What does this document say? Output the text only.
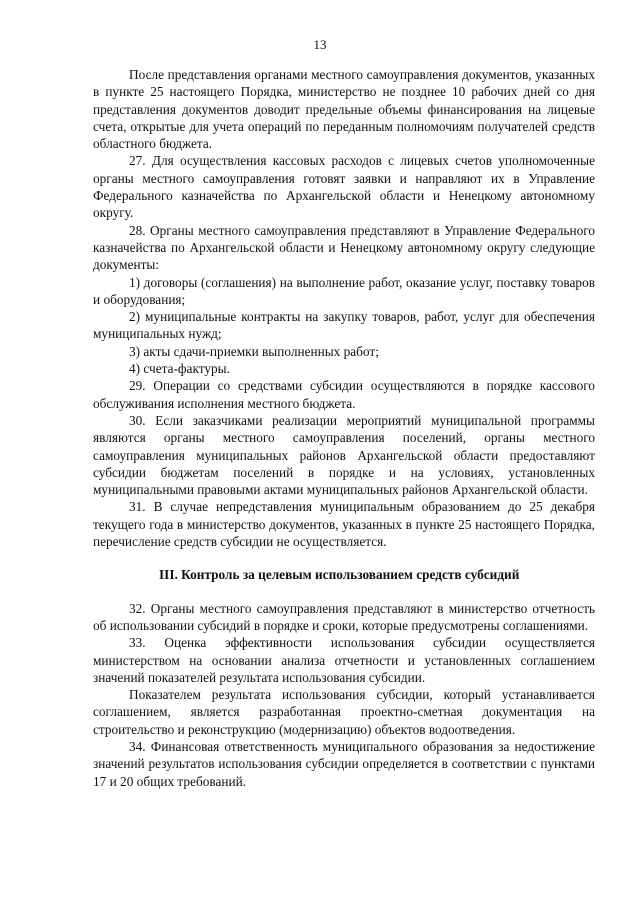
13

После представления органами местного самоуправления документов, указанных в пункте 25 настоящего Порядка, министерство не позднее 10 рабочих дней со дня представления документов доводит предельные объемы финансирования на лицевые счета, открытые для учета операций по переданным полномочиям получателей средств областного бюджета.

27. Для осуществления кассовых расходов с лицевых счетов уполномоченные органы местного самоуправления готовят заявки и направляют их в Управление Федерального казначейства по Архангельской области и Ненецкому автономному округу.

28. Органы местного самоуправления представляют в Управление Федерального казначейства по Архангельской области и Ненецкому автономному округу следующие документы:

1) договоры (соглашения) на выполнение работ, оказание услуг, поставку товаров и оборудования;

2) муниципальные контракты на закупку товаров, работ, услуг для обеспечения муниципальных нужд;

3) акты сдачи-приемки выполненных работ;

4) счета-фактуры.

29. Операции со средствами субсидии осуществляются в порядке кассового обслуживания исполнения местного бюджета.

30. Если заказчиками реализации мероприятий муниципальной программы являются органы местного самоуправления поселений, органы местного самоуправления муниципальных районов Архангельской области предоставляют субсидии бюджетам поселений в порядке и на условиях, установленных муниципальными правовыми актами муниципальных районов Архангельской области.

31. В случае непредставления муниципальным образованием до 25 декабря текущего года в министерство документов, указанных в пункте 25 настоящего Порядка, перечисление средств субсидии не осуществляется.

III. Контроль за целевым использованием средств субсидий

32. Органы местного самоуправления представляют в министерство отчетность об использовании субсидий в порядке и сроки, которые предусмотрены соглашениями.

33. Оценка эффективности использования субсидии осуществляется министерством на основании анализа отчетности и установленных соглашением значений показателей результата использования субсидии.

Показателем результата использования субсидии, который устанавливается соглашением, является разработанная проектно-сметная документация на строительство и реконструкцию (модернизацию) объектов водоотведения.

34. Финансовая ответственность муниципального образования за недостижение значений результатов использования субсидии определяется в соответствии с пунктами 17 и 20 общих требований.
